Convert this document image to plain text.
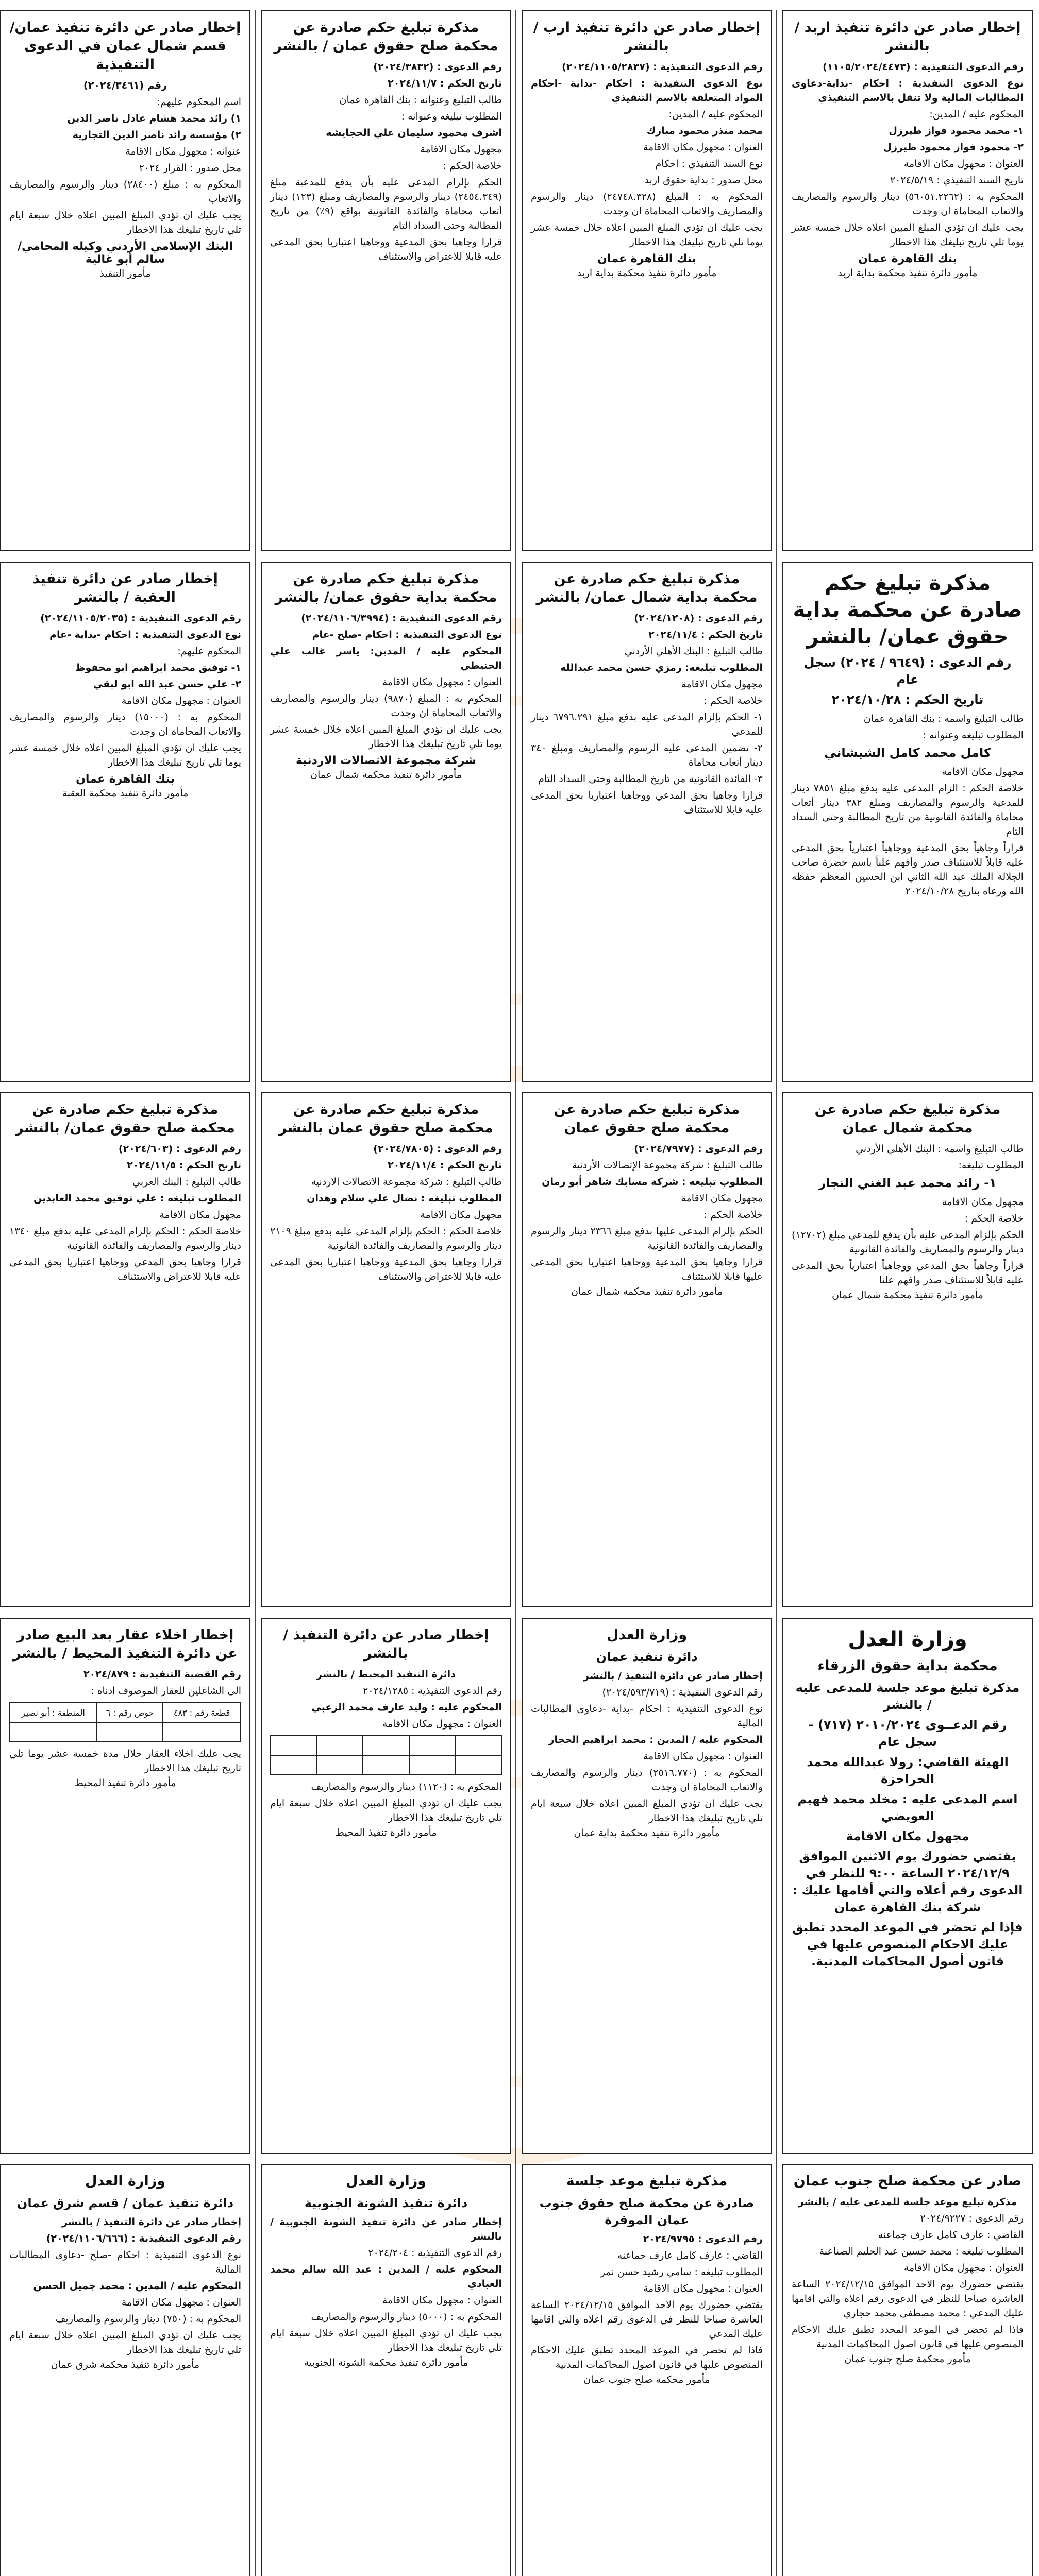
إخطار صادر عن دائرة تنفيذ اربد / بالنشر

رقم الدعوى التنفيذية : (١١٠٥/٢٠٢٤/٤٤٧٣)

نوع الدعوى التنفيذية : احكام -بداية-دعاوى المطالبات المالية ولا تنقل بالاسم التنفيذي

المحكوم عليه / المدين:

١- محمد محمود فواز طيرزل

٢- محمود فواز محمود طيرزل

العنوان : مجهول مكان الاقامة

تاريخ السند التنفيذي : ٢٠٢٤/٥/١٩

المحكوم به : (٥٦٠٥١.٢٢٦٢) دينار والرسوم والمصاريف والاتعاب المحاماة ان وجدت

يجب عليك ان تؤدي المبلغ المبين اعلاه خلال خمسة عشر يوما تلي تاريخ تبليغك هذا الاخطار

بنك القاهرة عمان
مأمور دائرة تنفيذ محكمة بداية اربد
مذكرة تبليغ حكم صادرة عن محكمة بداية حقوق عمان/ بالنشر
رقم الدعوى : (٩٦٤٩ / ٢٠٢٤) سجل عام
تاريخ الحكم : ٢٠٢٤/١٠/٢٨

طالب التبليغ واسمه : بنك القاهرة عمان

المطلوب تبليغه وعنوانه :

كامل محمد كامل الشيشاني

مجهول مكان الاقامة

خلاصة الحكم : الزام المدعى عليه بدفع مبلغ ٧٨٥١ دينار للمدعية والرسوم والمصاريف ومبلغ ٣٨٢ دينار أتعاب محاماة والفائدة القانونية من تاريخ المطالبة وحتى السداد التام

قراراً وجاهياً بحق المدعية ووجاهياً اعتبارياً بحق المدعى عليه قابلاً للاستئناف صدر وأفهم علناً باسم حضرة صاحب الجلالة الملك عبد الله الثاني ابن الحسين المعظم حفظه الله ورعاه بتاريخ ٢٠٢٤/١٠/٢٨

مذكرة تبليغ حكم صادرة عن محكمة شمال عمان

طالب التبليغ واسمه : البنك الأهلي الأردني

المطلوب تبليغه:

١- رائد محمد عبد الغني النجار

مجهول مكان الاقامة

خلاصة الحكم :

الحكم بإلزام المدعى عليه بأن يدفع للمدعي مبلغ (١٢٧٠٢) دينار والرسوم والمصاريف والفائدة القانونية

قراراً وجاهياً بحق المدعي ووجاهياً اعتبارياً بحق المدعى عليه قابلاً للاستئناف صدر وافهم علنا

مأمور دائرة تنفيذ محكمة شمال عمان
وزارة العدل
محكمة بداية حقوق الزرقاء
مذكرة تبليغ موعد جلسة للمدعى عليه / بالنشر
رقم الدعــوى ٢٠١٠/٢٠٢٤ (٧١٧) - سجل عام
الهيئة القاضي: رولا عبدالله محمد الحراحزة
اسم المدعى عليه : مخلد محمد فهيم العويضي
مجهول مكان الاقامة
يقتضي حضورك يوم الاثنين الموافق ٢٠٢٤/١٢/٩ الساعة ٩:٠٠ للنظر في الدعوى رقم أعلاه والتي أقامها عليك : شركة بنك القاهرة عمان
فإذا لم تحضر في الموعد المحدد تطبق عليك الاحكام المنصوص عليها في قانون أصول المحاكمات المدنية.
صادر عن محكمة صلح جنوب عمان

مذكرة تبليغ موعد جلسة للمدعى عليه / بالنشر

رقم الدعوى : ٢٠٢٤/٩٢٢٧

القاضي : عارف كامل عارف جماعنه

المطلوب تبليغه : محمد حسين عبد الحليم الصناعنة

العنوان : مجهول مكان الاقامة

يقتضي حضورك يوم الاحد الموافق ٢٠٢٤/١٢/١٥ الساعة العاشرة صباحا للنظر في الدعوى رقم اعلاه والتي اقامها عليك المدعي : محمد مصطفى محمد حجازي

فاذا لم تحضر في الموعد المحدد تطبق عليك الاحكام المنصوص عليها في قانون اصول المحاكمات المدنية

مأمور محكمة صلح جنوب عمان

إخطار صادر عن دائرة تنفيذ ارب / بالنشر

رقم الدعوى التنفيذية : (٢٠٢٤/١١٠٥/٢٨٣٧)

نوع الدعوى التنفيذية : احكام -بداية -احكام المواد المتعلقة بالاسم التنفيذي

المحكوم عليه / المدين:

محمد منذر محمود مبارك

العنوان : مجهول مكان الاقامة

نوع السند التنفيذي : احكام

محل صدور : بداية حقوق اربد

المحكوم به : المبلغ (٢٤٧٤٨.٣٢٨) دينار والرسوم والمصاريف والاتعاب المحاماة ان وجدت

يجب عليك ان تؤدي المبلغ المبين اعلاه خلال خمسة عشر يوما تلي تاريخ تبليغك هذا الاخطار

بنك القاهرة عمان
مأمور دائرة تنفيذ محكمة بداية اربد
مذكرة تبليغ حكم صادرة عن محكمة بداية شمال عمان/ بالنشر

رقم الدعوى : (٢٠٢٤/١٢٠٨)

تاريخ الحكم : ٢٠٢٤/١١/٤

طالب التبليغ : البنك الأهلي الأردني

المطلوب تبليغه: رمزي حسن محمد عبدالله

مجهول مكان الاقامة

خلاصة الحكم :

١- الحكم بإلزام المدعى عليه بدفع مبلغ ٦٧٩٦.٢٩١ دينار للمدعي

٢- تضمين المدعى عليه الرسوم والمصاريف ومبلغ ٣٤٠ دينار أتعاب محاماة

٣- الفائدة القانونية من تاريخ المطالبة وحتى السداد التام

قرارا وجاهيا بحق المدعي ووجاهيا اعتباريا بحق المدعى عليه قابلا للاستئناف

مذكرة تبليغ حكم صادرة عن محكمة صلح حقوق عمان

رقم الدعوى : (٢٠٢٤/٧٩٧٧)

طالب التبليغ : شركة مجموعة الإتصالات الأردنية

المطلوب تبليغه : شركة مسابك شاهر أبو رمان

مجهول مكان الاقامة

خلاصة الحكم :

الحكم بإلزام المدعى عليها بدفع مبلغ ٢٣٦٦ دينار والرسوم والمصاريف والفائدة القانونية

قرارا وجاهيا بحق المدعية ووجاهيا اعتباريا بحق المدعى عليها قابلا للاستئناف

مأمور دائرة تنفيذ محكمة شمال عمان
وزارة العدل
دائرة تنفيذ عمان

إخطار صادر عن دائرة التنفيذ / بالنشر

رقم الدعوى التنفيذية : (٢٠٢٤/٥٩٣/٧١٩)

نوع الدعوى التنفيذية : احكام -بداية -دعاوى المطالبات المالية

المحكوم عليه / المدين : محمد ابراهيم الحجار

العنوان : مجهول مكان الاقامة

المحكوم به : (٢٥١٦.٧٧٠) دينار والرسوم والمصاريف والاتعاب المحاماة ان وجدت

يجب عليك ان تؤدي المبلغ المبين اعلاه خلال سبعة ايام تلي تاريخ تبليغك هذا الاخطار

مأمور دائرة تنفيذ محكمة بداية عمان
مذكرة تبليغ موعد جلسة
صادرة عن محكمة صلح حقوق جنوب عمان الموقرة

رقم الدعوى : ٢٠٢٤/٩٧٩٥

القاضي : عارف كامل عارف جماعنه

المطلوب تبليغه : سامي رشيد حسن نمر

العنوان : مجهول مكان الاقامة

يقتضي حضورك يوم الاحد الموافق ٢٠٢٤/١٢/١٥ الساعة العاشرة صباحا للنظر في الدعوى رقم اعلاه والتي اقامها عليك المدعي

فاذا لم تحضر في الموعد المحدد تطبق عليك الاحكام المنصوص عليها في قانون اصول المحاكمات المدنية

مأمور محكمة صلح جنوب عمان

مذكرة تبليغ حكم صادرة عن محكمة صلح حقوق عمان / بالنشر

رقم الدعوى : (٢٠٢٤/٣٨٣٢)

تاريخ الحكم : ٢٠٢٤/١١/٧

طالب التبليغ وعنوانه : بنك القاهرة عمان

المطلوب تبليغه وعنوانه :

اشرف محمود سليمان علي الحجايشه

مجهول مكان الاقامة

خلاصة الحكم :

الحكم بإلزام المدعى عليه بأن يدفع للمدعية مبلغ (٢٤٥٤.٣٤٩) دينار والرسوم والمصاريف ومبلغ (١٢٣) دينار أتعاب محاماة والفائدة القانونية بواقع (٩٪) من تاريخ المطالبة وحتى السداد التام

قرارا وجاهيا بحق المدعية ووجاهيا اعتباريا بحق المدعى عليه قابلا للاعتراض والاستئناف

مذكرة تبليغ حكم صادرة عن محكمة بداية حقوق عمان/ بالنشر

رقم الدعوى التنفيذية : (٢٠٢٤/١١٠٦/٣٩٩٤)

نوع الدعوى التنفيذية : احكام -صلح -عام

المحكوم عليه / المدين: ياسر غالب علي الحنيطي

العنوان : مجهول مكان الاقامة

المحكوم به : المبلغ (٩٨٧٠) دينار والرسوم والمصاريف والاتعاب المحاماة ان وجدت

يجب عليك ان تؤدي المبلغ المبين اعلاه خلال خمسة عشر يوما تلي تاريخ تبليغك هذا الاخطار

شركة مجموعة الاتصالات الاردنية
مأمور دائرة تنفيذ محكمة شمال عمان
مذكرة تبليغ حكم صادرة عن محكمة صلح حقوق عمان بالنشر

رقم الدعوى : (٢٠٢٤/٧٨٠٥)

تاريخ الحكم : ٢٠٢٤/١١/٤

طالب التبليغ : شركة مجموعة الاتصالات الاردنية

المطلوب تبليغه : نضال علي سلام وهدان

مجهول مكان الاقامة

خلاصة الحكم : الحكم بإلزام المدعى عليه بدفع مبلغ ٢١٠٩ دينار والرسوم والمصاريف والفائدة القانونية

قرارا وجاهيا بحق المدعية ووجاهيا اعتباريا بحق المدعى عليه قابلا للاعتراض والاستئناف

إخطار صادر عن دائرة التنفيذ / بالنشر

دائرة التنفيذ المحيط / بالنشر

رقم الدعوى التنفيذية : ٢٠٢٤/١٢٨٥

المحكوم عليه : وليد عارف محمد الزعبي

العنوان : مجهول مكان الاقامة

المحكوم به : (١١٢٠) دينار والرسوم والمصاريف

يجب عليك ان تؤدي المبلغ المبين اعلاه خلال سبعة ايام تلي تاريخ تبليغك هذا الاخطار

مأمور دائرة تنفيذ المحيط
وزارة العدل
دائرة تنفيذ الشونة الجنوبية

إخطار صادر عن دائرة تنفيذ الشونة الجنوبية / بالنشر

رقم الدعوى التنفيذية : ٢٠٢٤/٢٠٤

المحكوم عليه / المدين : عبد الله سالم محمد العبادي

العنوان : مجهول مكان الاقامة

المحكوم به : (٥٠٠٠) دينار والرسوم والمصاريف

يجب عليك ان تؤدي المبلغ المبين اعلاه خلال سبعة ايام تلي تاريخ تبليغك هذا الاخطار

مأمور دائرة تنفيذ محكمة الشونة الجنوبية

إخطار صادر عن دائرة تنفيذ عمان/ قسم شمال عمان في الدعوى التنفيذية

رقم (٢٠٢٤/٣٤٦١)

اسم المحكوم عليهم:

١) رائد محمد هشام عادل ناصر الدين

٢) مؤسسة رائد ناصر الدين التجارية

عنوانه : مجهول مكان الاقامة

محل صدور : القرار ٢٠٢٤

المحكوم به : مبلغ (٢٨٤٠٠) دينار والرسوم والمصاريف والاتعاب

يجب عليك ان تؤدي المبلغ المبين اعلاه خلال سبعة ايام تلي تاريخ تبليغك هذا الاخطار

البنك الإسلامي الأردني وكيله المحامي/ سالم أبو غالية
مأمور التنفيذ
إخطار صادر عن دائرة تنفيذ العقبة / بالنشر

رقم الدعوى التنفيذية : (٢٠٢٤/١١٠٥/٢٠٣٥)

نوع الدعوى التنفيذية : احكام -بداية -عام

المحكوم عليهم:

١- توفيق محمد ابراهيم ابو محفوظ

٢- علي حسن عبد الله ابو لبقي

العنوان : مجهول مكان الاقامة

المحكوم به : (١٥٠٠٠) دينار والرسوم والمصاريف والاتعاب المحاماة ان وجدت

يجب عليك ان تؤدي المبلغ المبين اعلاه خلال خمسة عشر يوما تلي تاريخ تبليغك هذا الاخطار

بنك القاهرة عمان
مأمور دائرة تنفيذ محكمة العقبة
مذكرة تبليغ حكم صادرة عن محكمة صلح حقوق عمان/ بالنشر

رقم الدعوى : (٢٠٢٤/٦٠٣)

تاريخ الحكم : ٢٠٢٤/١١/٥

طالب التبليغ : البنك العربي

المطلوب تبليغه : علي توفيق محمد العابدين

مجهول مكان الاقامة

خلاصة الحكم : الحكم بإلزام المدعى عليه بدفع مبلغ ١٣٤٠ دينار والرسوم والمصاريف والفائدة القانونية

قرارا وجاهيا بحق المدعي ووجاهيا اعتباريا بحق المدعى عليه قابلا للاعتراض والاستئناف

إخطار اخلاء عقار بعد البيع صادر عن دائرة التنفيذ المحيط / بالنشر

رقم القضية التنفيذية : ٢٠٢٤/٨٧٩

الى الشاغلين للعقار الموصوف ادناه :

قطعة رقم : ٤٨٣	حوض رقم : ٦	المنطقة : أبو نصير

يجب عليك اخلاء العقار خلال مدة خمسة عشر يوما تلي تاريخ تبليغك هذا الاخطار

مأمور دائرة تنفيذ المحيط
وزارة العدل
دائرة تنفيذ عمان / قسم شرق عمان

إخطار صادر عن دائرة التنفيذ / بالنشر

رقم الدعوى التنفيذية : (٢٠٢٤/١١٠٦/٦٦٦)

نوع الدعوى التنفيذية : احكام -صلح -دعاوى المطالبات المالية

المحكوم عليه / المدين : محمد جميل الحسن

العنوان : مجهول مكان الاقامة

المحكوم به : (٧٥٠) دينار والرسوم والمصاريف

يجب عليك ان تؤدي المبلغ المبين اعلاه خلال سبعة ايام تلي تاريخ تبليغك هذا الاخطار

مأمور دائرة تنفيذ محكمة شرق عمان
